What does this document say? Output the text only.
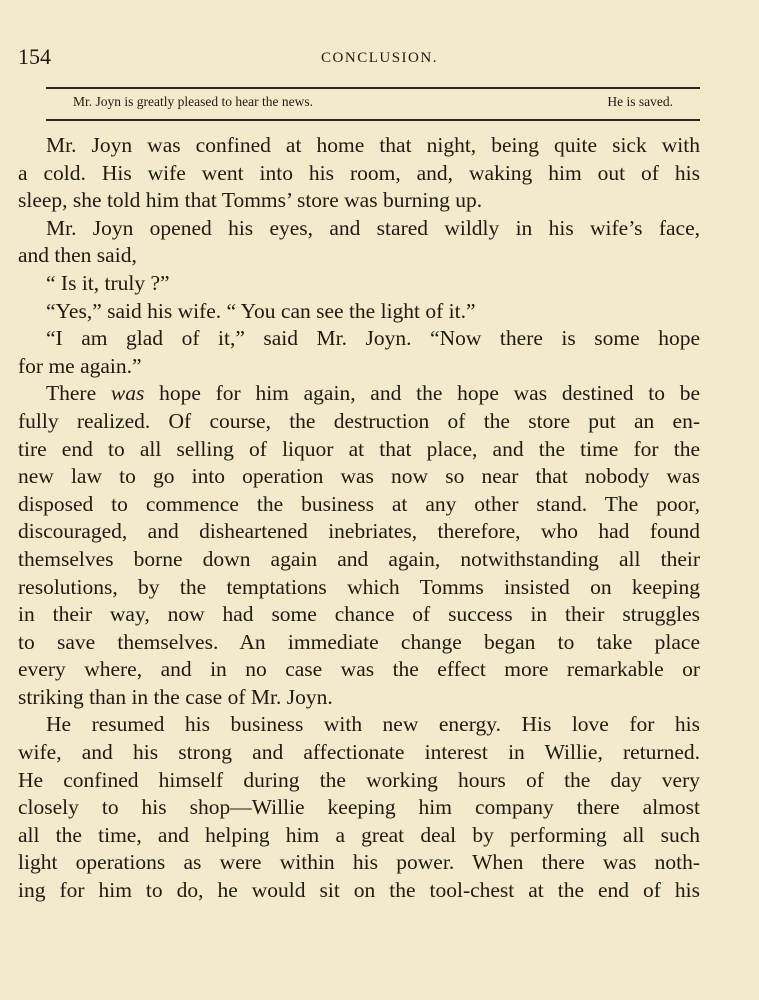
154	CONCLUSION.
Mr. Joyn is greatly pleased to hear the news.	He is saved.
Mr. Joyn was confined at home that night, being quite sick with
a cold. His wife went into his room, and, waking him out of his
sleep, she told him that Tomms’ store was burning up.
Mr. Joyn opened his eyes, and stared wildly in his wife’s face,
and then said,
“ Is it, truly ?”
“Yes,” said his wife. “ You can see the light of it.”
“I am glad of it,” said Mr. Joyn. “Now there is some hope
for me again.”
There was hope for him again, and the hope was destined to be
fully realized. Of course, the destruction of the store put an en-
tire end to all selling of liquor at that place, and the time for the
new law to go into operation was now so near that nobody was
disposed to commence the business at any other stand. The poor,
discouraged, and disheartened inebriates, therefore, who had found
themselves borne down again and again, notwithstanding all their
resolutions, by the temptations which Tomms insisted on keeping
in their way, now had some chance of success in their struggles
to save themselves. An immediate change began to take place
every where, and in no case was the effect more remarkable or
striking than in the case of Mr. Joyn.
He resumed his business with new energy. His love for his
wife, and his strong and affectionate interest in Willie, returned.
He confined himself during the working hours of the day very
closely to his shop—Willie keeping him company there almost
all the time, and helping him a great deal by performing all such
light operations as were within his power. When there was noth-
ing for him to do, he would sit on the tool-chest at the end of his
